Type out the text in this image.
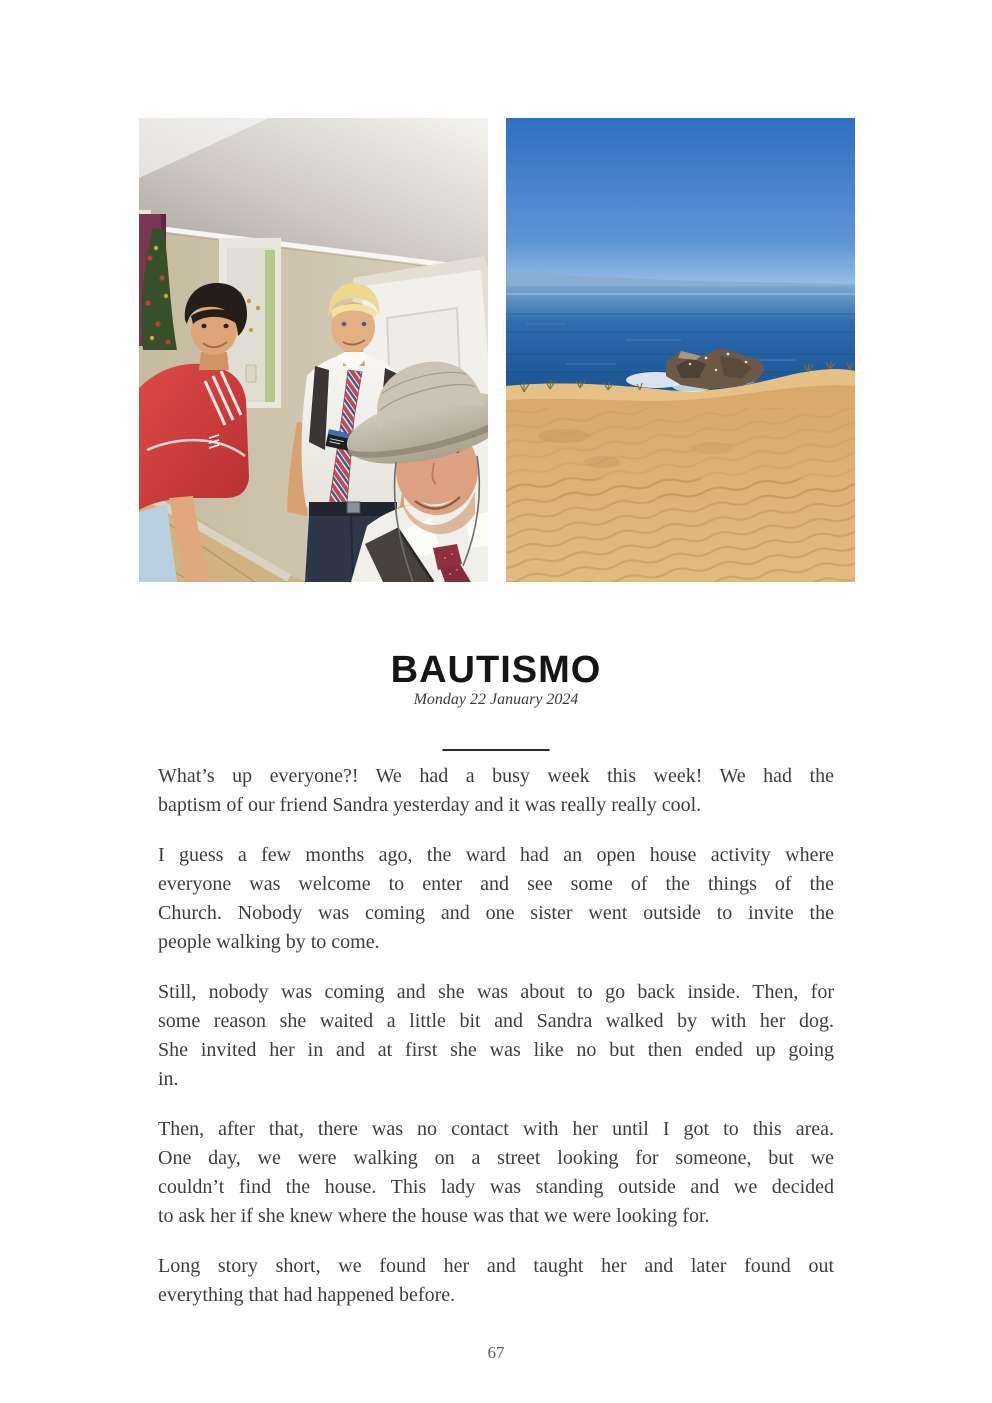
BAUTISMO
Monday 22 January 2024

What’s up everyone?! We had a busy week this week! We had the
baptism of our friend Sandra yesterday and it was really really cool.

I guess a few months ago, the ward had an open house activity where
everyone was welcome to enter and see some of the things of the
Church. Nobody was coming and one sister went outside to invite the
people walking by to come.

Still, nobody was coming and she was about to go back inside. Then, for
some reason she waited a little bit and Sandra walked by with her dog.
She invited her in and at first she was like no but then ended up going
in.

Then, after that, there was no contact with her until I got to this area.
One day, we were walking on a street looking for someone, but we
couldn’t find the house. This lady was standing outside and we decided
to ask her if she knew where the house was that we were looking for.

Long story short, we found her and taught her and later found out
everything that had happened before.

67
